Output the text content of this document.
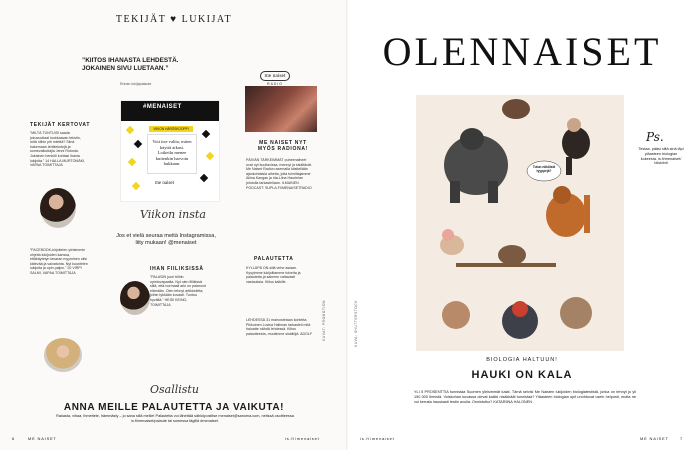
TEKIJÄT ♥ LUKIJAT
”KIITOS IHANASTA LEHDESTÄ. JOKAINEN SIVU LUETAAN.”
Erinan lukijapalaute
TEKIJÄT KERTOVAT
”MILTÄ TUNTUISI saada jokuvuotiaat loukkaavan tekstin, mitä niihin piti miettiä? Siinä hakemaan lehtitekstejä ja somevaikuttajia Jenni Rotosta. Jokainen henkilö kohtasi ihania lukijoita.” 14 HALLA MURTOMÄKI, VAPAA TOIMITTAJA
”FACEBOOK-kirjoitelen yleisimmin ohjeita lukijoiden kanssa, ettäkäytetyn tavaran myyminen olisi kätevää ja vaivatonta. Nyt kuuntelen lukijoita ja opin paljon.” 20 VIRPI SALMI, VAPAA TOIMITTAJA
#MENAISET
VIIKON HÄRÖSKOOPPI
Voit itse valita, miten käytät aikasi. Loikeilu menee kuitenkin harvoin hukkaan.
me naiset
Viikon insta
Jos et vielä seuraa meitä Instagramissa, liity mukaan! @menaiset
IHAN FIILIKSISSÄ
”PALASIN juuri töihin opintovapaalta. Nyt olen fiilikissä siitä, että normaali arki on palannut elämään. Olen tehnyt artikkeleita, joihin tykkään kovasti. Tuntuu hyvältä.” HEIDI KEINO, TOIMITTAJA
me naiset
RADIO
ME NAISET NYT MYÖS RADIONA!
PÄIVÄN TÄRKEIMMÄT puheenaiheet ovat nyt kuultavissa, mennyt ja sisältävät. Me Naiset Radion asemalla käsitellään ajankohtaisia aiheita, joita toimittajamme Aliina Kangas ja Ida-Liina Haurlelan johdolla tarkastellaan. ILMAINEN PODCAST: SUPLA.FI/MENAISETRADIO
PALAUTETTA
KYLLÄPÄ ON sillä virhe asiaan. Kysyimme lukijoiltamme toiveita ja palautetta ja saimme valtavasti vastauksia. Kiitos kaikille.
LEHDESSÄ 31 mainostetaan kohteita. Pikkuinen Lovisa Hallman tarkasteli mitä haluatte nähdä lehdessä. Kiitos palautteesta, muutimme sisältöjä. ADOLF	KUVAT: PROMOTION
Osallistu
ANNA MEILLE PALAUTETTA JA VAIKUTA!
Rakasta, vihaa, ihmettele, hämmästy – jo sana sillä meille! Palautetta voi lähettää sähköpostitse menaiset@sanoma.com, netissä osoitteessa is.fi/menaiset/palaute tai somessa tägillä #menaiset.
6	ME NAISET	is.fi/menaiset
OLENNAISET
Tutun näköisiä tyyppejä?
Ps.
Testaa, pääsi siitä sinä läpi yläasteen biologian kokeesta. is.fi/menaiset/ biiskiinti
KUVA: SHUTTERSTOCK
BIOLOGIA HALTUUN!
HAUKI ON KALA
YLI 5 PROSENTTIA tunnistaa Suomen yleisimmät kalat. Tämä selvisi Me Naisten lukijoiden biologiatestistä, jonka on tehnyt jo yli 150 000 ihmistä. Voiskohan kuvassa olevat kaikki nisäkkäät tunnistaa? Yläasteen biologian opit unohtuvat usein helposti, mutta ne voi kerrata hauskasti testin avulla. Onnistutko? KATARIINA HALONEN
is.fi/menaiset	ME NAISET	7
